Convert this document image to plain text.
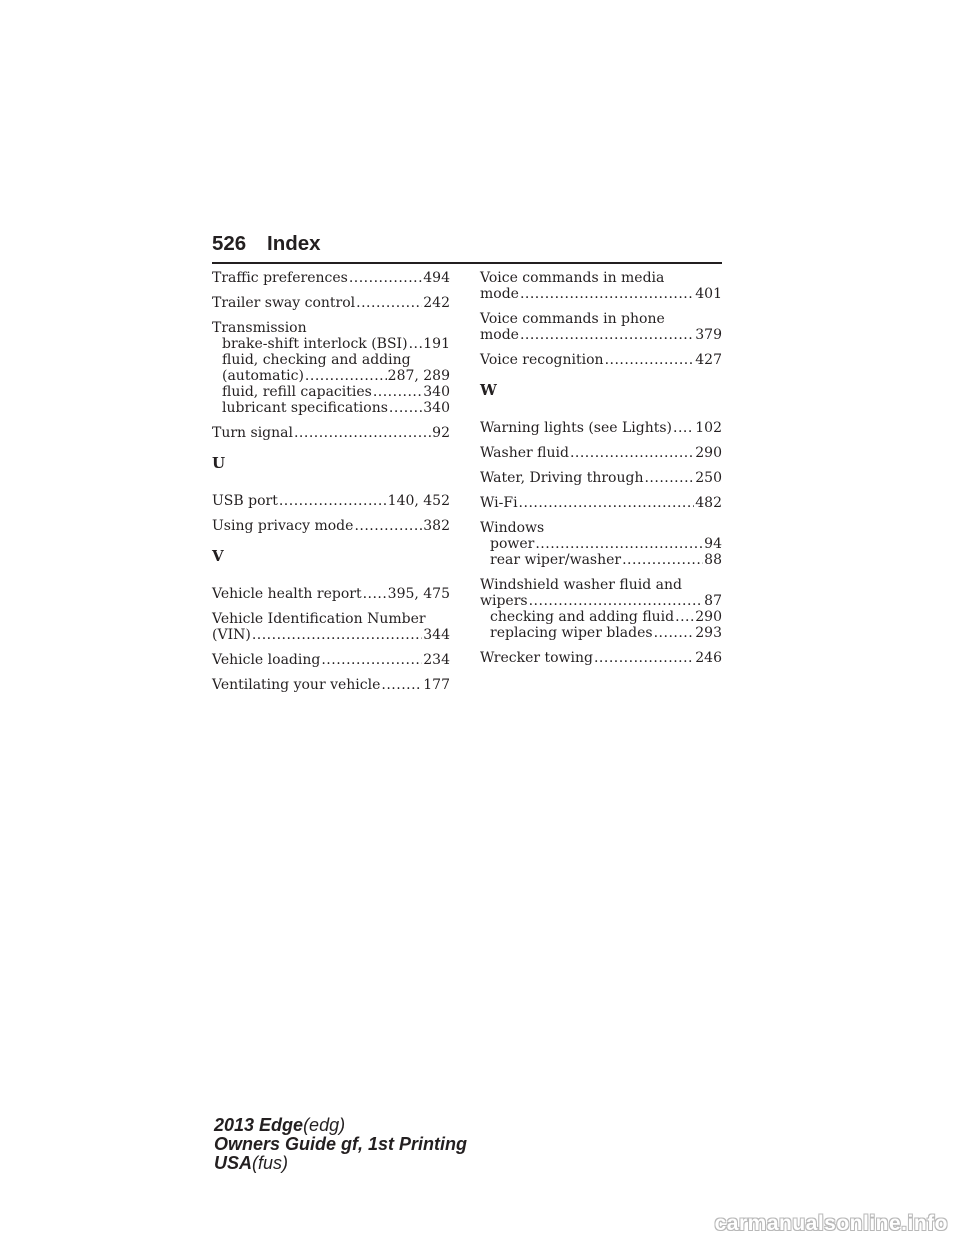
526 Index
Traffic preferences .....	494
Trailer sway control .....	242
Transmission
brake-shift interlock (BSI) ..... 191
fluid, checking and adding
(automatic) .....	287, 289
fluid, refill capacities .....	340
lubricant specifications .....	340
Turn signal .....	92
U
USB port .....	140, 452
Using privacy mode .....	382
V
Vehicle health report ..... 395, 475
Vehicle Identification Number
(VIN) .....	344
Vehicle loading .....	234
Ventilating your vehicle .....	177
Voice commands in media
mode .....	401
Voice commands in phone
mode .....	379
Voice recognition .....	427
W
Warning lights (see Lights) ..... 102
Washer fluid .....	290
Water, Driving through .....	250
Wi-Fi .....	482
Windows
power .....	94
rear wiper/washer .....	88
Windshield washer fluid and
wipers .....	87
checking and adding fluid ..... 290
replacing wiper blades .....	293
Wrecker towing .....	246
2013 Edge(edg)
Owners Guide gf, 1st Printing
USA(fus)
carmanualsonline.info
